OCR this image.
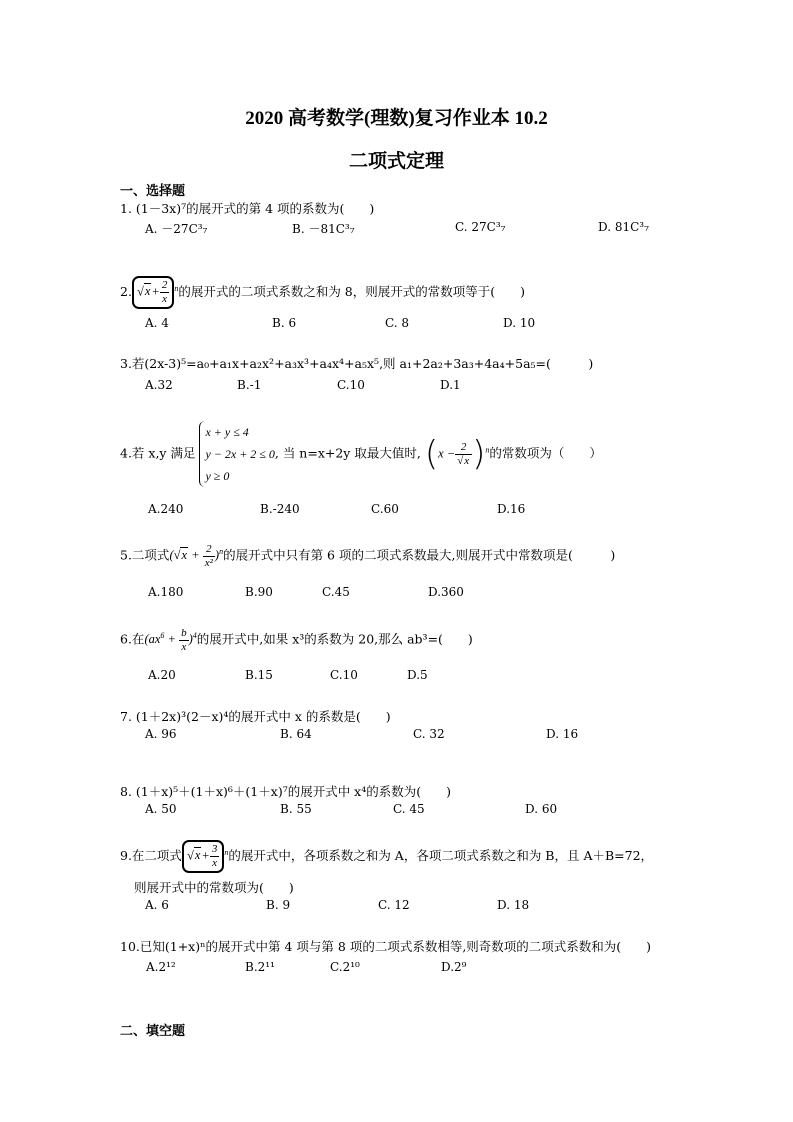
2020 高考数学(理数)复习作业本 10.2
二项式定理
一、选择题
1. (1－3x)⁷的展开式的第 4 项的系数为(　　)
A. －27C³₇	B. －81C³₇	C. 27C³₇	D. 81C³₇
2. $√x+ \frac{2}{x} ^n$的展开式的二项式系数之和为 8，则展开式的常数项等于(　　)
A. 4	B. 6	C. 8	D. 10
3.若(2x-3)⁵=a₀+a₁x+a₂x²+a₃x³+a₄x⁴+a₅x⁵,则 a₁+2a₂+3a₃+4a₄+5a₅=(　　　)
A.32	B.-1	C.10	D.1
4.若 x,y 满足
x + y ≤ 4
y − 2x + 2 ≤ 0
y ≥ 0
, 当 n=x+2y 取最大值时, $(x - \frac{2}{√x} )^n$的常数项为（　　）
A.240	B.-240	C.60	D.16
5.二项式$(√x + \frac{2}{\text{x²}} )^n$的展开式中只有第 6 项的二项式系数最大,则展开式中常数项是(　　　)
A.180	B.90	C.45	D.360
6.在$(ax^6 + \frac{b}{x} )^4$的展开式中,如果 x³的系数为 20,那么 ab³=(　　)
A.20	B.15	C.10	D.5
7. (1＋2x)³(2－x)⁴的展开式中 x 的系数是(　　)
A. 96	B. 64	C. 32	D. 16
8. (1＋x)⁵＋(1＋x)⁶＋(1＋x)⁷的展开式中 x⁴的系数为(　　)
A. 50	B. 55	C. 45	D. 60
9.在二项式 $√x+ \frac{3}{x} ^n$的展开式中，各项系数之和为 A，各项二项式系数之和为 B，且 A＋B=72，
则展开式中的常数项为(　　)
A. 6	B. 9	C. 12	D. 18
10.已知(1+x)ⁿ的展开式中第 4 项与第 8 项的二项式系数相等,则奇数项的二项式系数和为(　　)
A.2¹²	B.2¹¹	C.2¹⁰	D.2⁹
二、填空题
